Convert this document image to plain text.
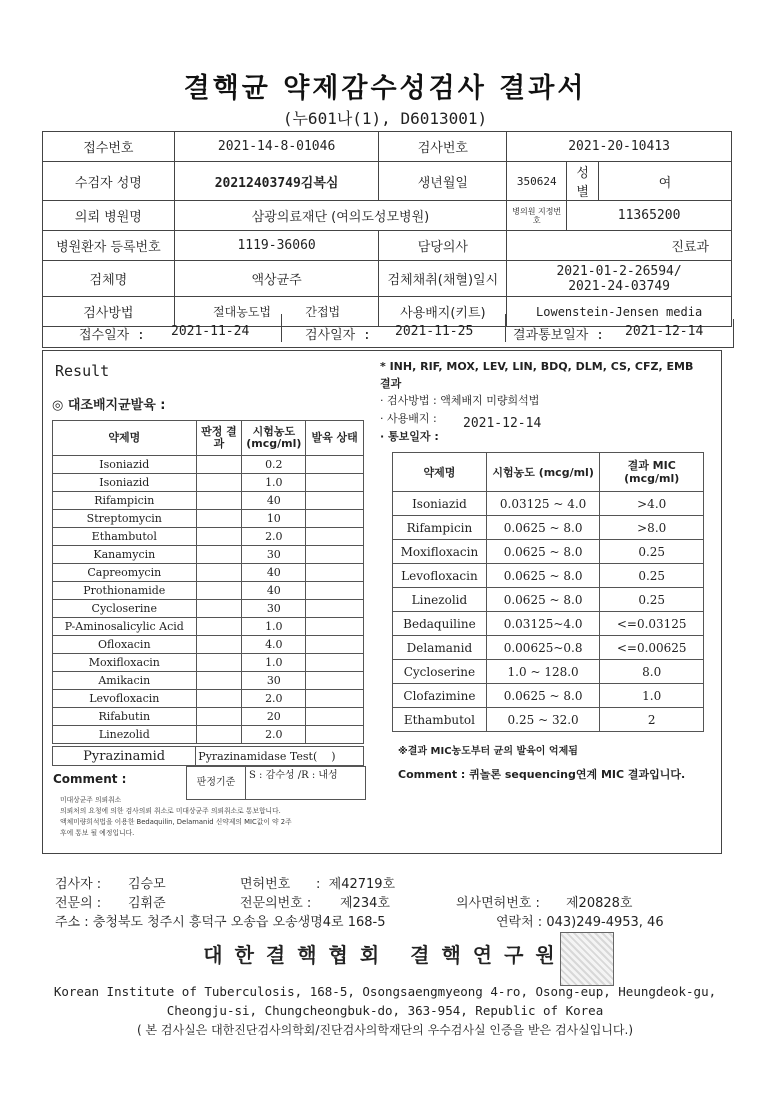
결핵균 약제감수성검사 결과서
(누601나(1), D6013001)
접수번호	2021-14-8-01046	검사번호	2021-20-10413		
수검자 성명	20212403749김복심	생년월일	350624	성별	여
의뢰 병원명	삼광의료재단 (여의도성모병원)		병의원 지정번호	11365200	
병원환자 등록번호	1119-36060	담당의사	진료과		
검체명	액상균주	검체채취(채혈)일시	2021-01-2-26594/
2021-24-03749		

검사방법	절대농도법 간접법	사용배지(키트)	Lowenstein-Jensen media		
접수일자 : 2021-11-24	검사일자 : 2021-11-25	결과통보일자 : 2021-12-14
Result
◎ 대조배지균발육 :
약제명	판정 결과	시험농도 (mcg/ml)	발육 상태
Isoniazid		0.2	
Isoniazid		1.0	
Rifampicin		40	
Streptomycin		10	
Ethambutol		2.0	
Kanamycin		30	
Capreomycin		40	
Prothionamide		40	
Cycloserine		30	
P-Aminosalicylic Acid		1.0	
Ofloxacin		4.0	
Moxifloxacin		1.0	
Amikacin		30	
Levofloxacin		2.0	
Rifabutin		20	
Linezolid		2.0	
Pyrazinamid	Pyrazinamidase Test(    )
Comment :	판정기준
S : 감수성 /R : 내성
미대상균주 의뢰취소
의뢰처의 요청에 의한 검사의뢰 취소로 미대상균주 의뢰취소로 통보합니다.
액체미량희석법을 이용한 Bedaquilin, Delamanid 신약제의 MIC값이 약 2주
후에 통보 될 예정입니다.
* INH, RIF, MOX, LEV, LIN, BDQ, DLM, CS, CFZ, EMB
결과
· 검사방법 : 액체배지 미량희석법
· 사용배지 :
· 통보일자 :
2021-12-14
약제명	시험농도 (mcg/ml)	결과 MIC (mcg/ml)
Isoniazid	0.03125 ~ 4.0	>4.0
Rifampicin	0.0625 ~ 8.0	>8.0
Moxifloxacin	0.0625 ~ 8.0	0.25
Levofloxacin	0.0625 ~ 8.0	0.25
Linezolid	0.0625 ~ 8.0	0.25
Bedaquiline	0.03125~4.0	<=0.03125
Delamanid	0.00625~0.8	<=0.00625
Cycloserine	1.0 ~ 128.0	8.0
Clofazimine	0.0625 ~ 8.0	1.0
Ethambutol	0.25 ~ 32.0	2
※결과 MIC농도부터 균의 발육이 억제됨
Comment : 퀴놀론 sequencing연계 MIC 결과입니다.
검사자 : 김승모	면허번호 :  제42719호
전문의 : 김휘준	전문의번호 : 제234호	의사면허번호 : 제20828호
주소 : 충청북도 청주시 흥덕구 오송읍 오송생명4로 168-5	연락처 : 043)249-4953, 46
대한결핵협회 결핵연구원
Korean Institute of Tuberculosis, 168-5, Osongsaengmyeong 4-ro, Osong-eup, Heungdeok-gu,
Cheongju-si, Chungcheongbuk-do, 363-954, Republic of Korea
( 본 검사실은 대한진단검사의학회/진단검사의학재단의 우수검사실 인증을 받은 검사실입니다.)
